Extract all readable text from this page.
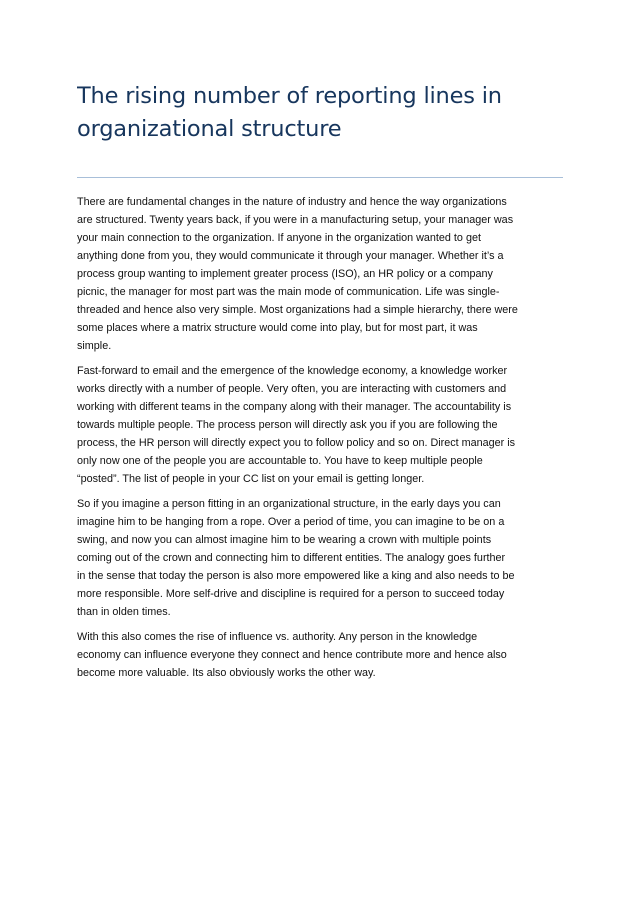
The rising number of reporting lines in
organizational structure

There are fundamental changes in the nature of industry and hence the way organizations
are structured. Twenty years back, if you were in a manufacturing setup, your manager was
your main connection to the organization. If anyone in the organization wanted to get
anything done from you, they would communicate it through your manager. Whether it’s a
process group wanting to implement greater process (ISO), an HR policy or a company
picnic, the manager for most part was the main mode of communication. Life was single-
threaded and hence also very simple. Most organizations had a simple hierarchy, there were
some places where a matrix structure would come into play, but for most part, it was
simple.

Fast-forward to email and the emergence of the knowledge economy, a knowledge worker
works directly with a number of people. Very often, you are interacting with customers and
working with different teams in the company along with their manager. The accountability is
towards multiple people. The process person will directly ask you if you are following the
process, the HR person will directly expect you to follow policy and so on. Direct manager is
only now one of the people you are accountable to. You have to keep multiple people
“posted”. The list of people in your CC list on your email is getting longer.

So if you imagine a person fitting in an organizational structure, in the early days you can
imagine him to be hanging from a rope. Over a period of time, you can imagine to be on a
swing, and now you can almost imagine him to be wearing a crown with multiple points
coming out of the crown and connecting him to different entities. The analogy goes further
in the sense that today the person is also more empowered like a king and also needs to be
more responsible. More self-drive and discipline is required for a person to succeed today
than in olden times.

With this also comes the rise of influence vs. authority. Any person in the knowledge
economy can influence everyone they connect and hence contribute more and hence also
become more valuable. Its also obviously works the other way.
